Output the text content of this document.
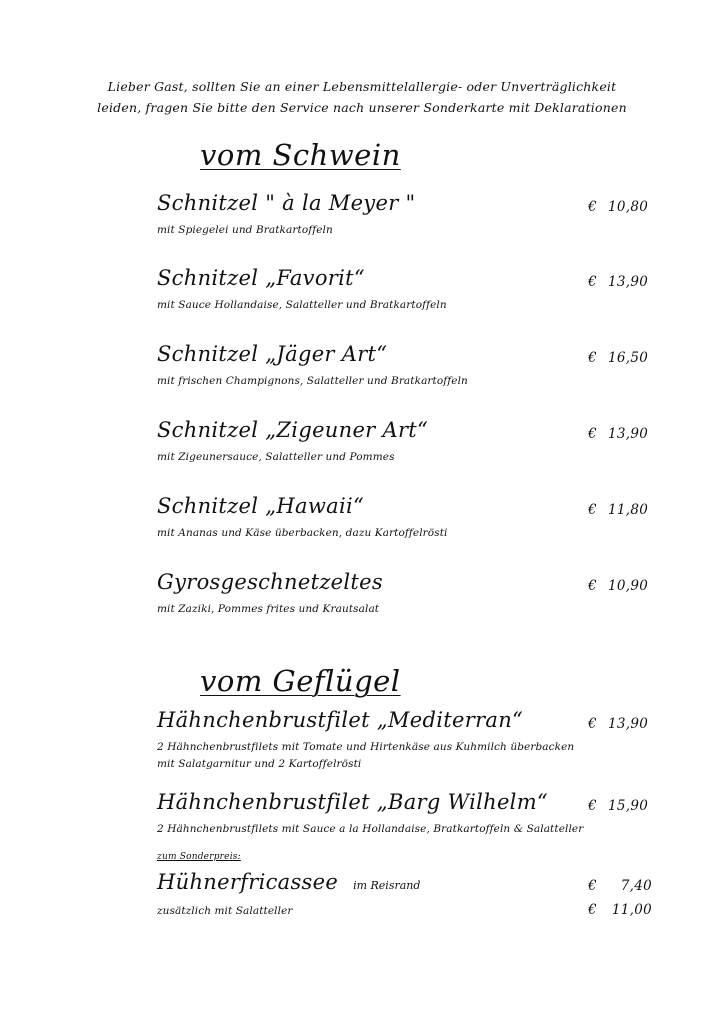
Lieber Gast, sollten Sie an einer Lebensmittelallergie- oder Unverträglichkeit
leiden, fragen Sie bitte den Service nach unserer Sonderkarte mit Deklarationen
vom Schwein
Schnitzel " à la Meyer "	€ 10,80
mit Spiegelei und Bratkartoffeln
Schnitzel „Favorit“	€ 13,90
mit Sauce Hollandaise, Salatteller und Bratkartoffeln
Schnitzel „Jäger Art“	€ 16,50
mit frischen Champignons, Salatteller und Bratkartoffeln
Schnitzel „Zigeuner Art“	€ 13,90
mit Zigeunersauce, Salatteller und Pommes
Schnitzel „Hawaii“	€ 11,80
mit Ananas und Käse überbacken, dazu Kartoffelrösti
Gyrosgeschnetzeltes	€ 10,90
mit Zaziki, Pommes frites und Krautsalat
vom Geflügel
Hähnchenbrustfilet „Mediterran“	€ 13,90
2 Hähnchenbrustfilets mit Tomate und Hirtenkäse aus Kuhmilch überbacken
mit Salatgarnitur und 2 Kartoffelrösti
Hähnchenbrustfilet „Barg Wilhelm“	€ 15,90
2 Hähnchenbrustfilets mit Sauce a la Hollandaise, Bratkartoffeln & Salatteller
zum Sonderpreis:
Hühnerfricassee im Reisrand	€ 7,40
zusätzlich mit Salatteller	€ 11,00
